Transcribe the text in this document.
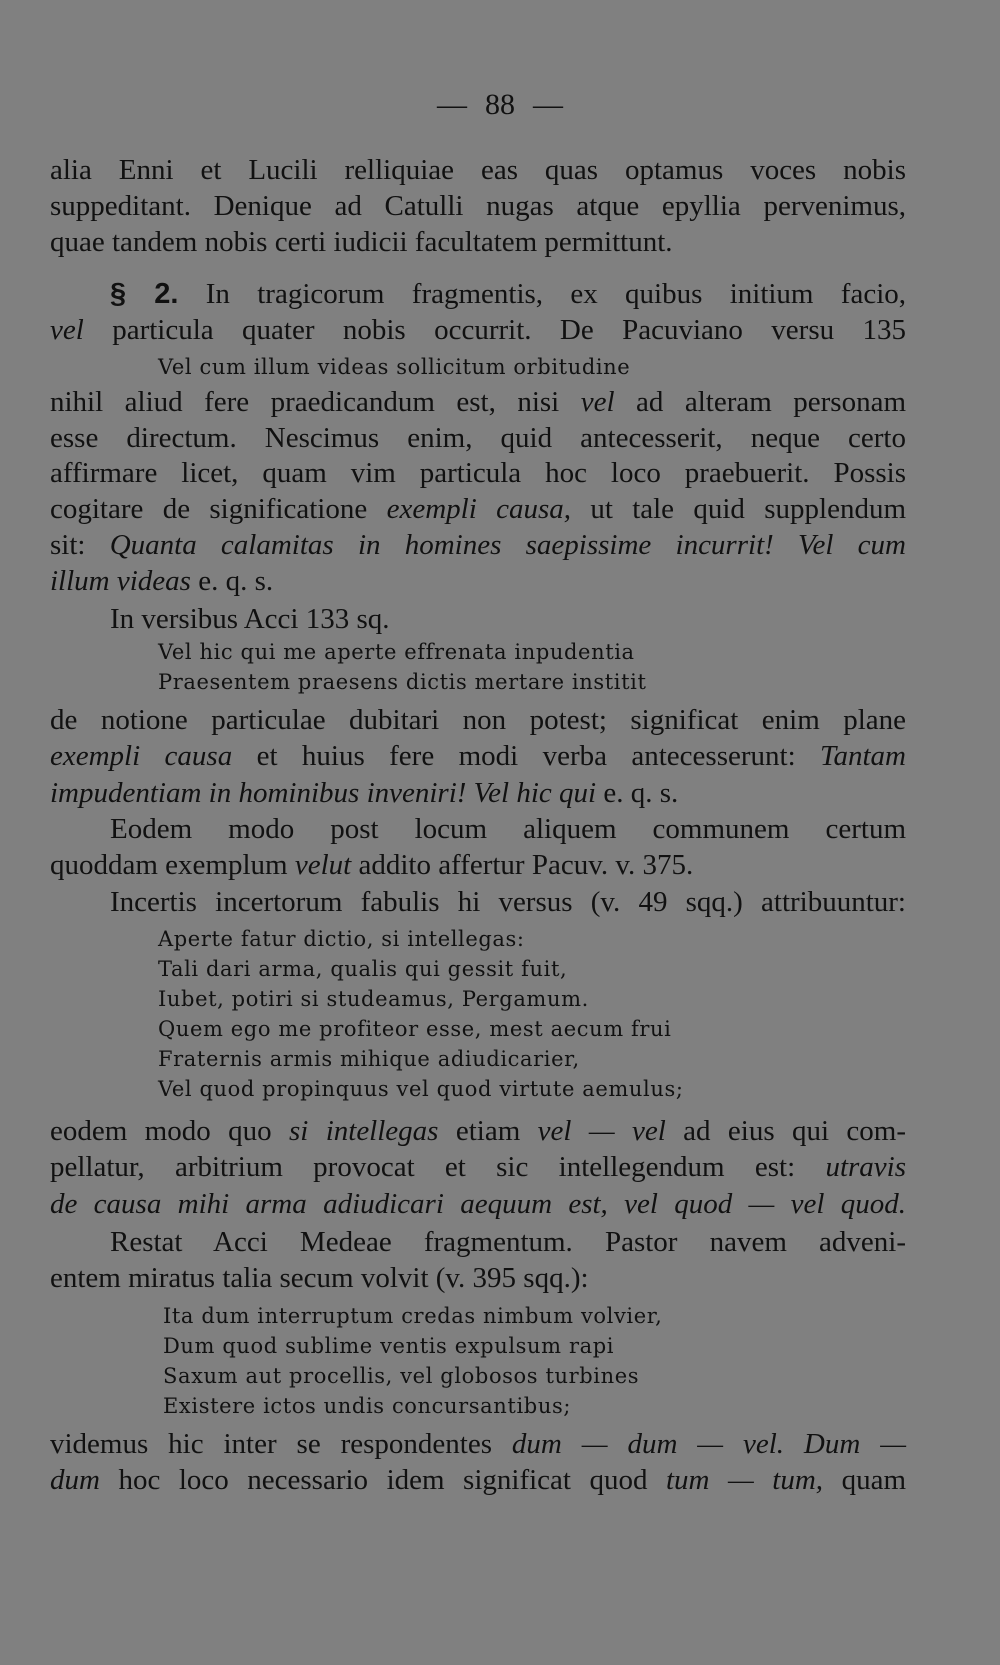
— 88 —
alia Enni et Lucili relliquiae eas quas optamus voces nobis
suppeditant. Denique ad Catulli nugas atque epyllia pervenimus,
quae tandem nobis certi iudicii facultatem permittunt.
§ 2. In tragicorum fragmentis, ex quibus initium facio,
vel particula quater nobis occurrit. De Pacuviano versu 135
Vel cum illum videas sollicitum orbitudine
nihil aliud fere praedicandum est, nisi vel ad alteram personam
esse directum. Nescimus enim, quid antecesserit, neque certo
affirmare licet, quam vim particula hoc loco praebuerit. Possis
cogitare de significatione exempli causa, ut tale quid supplendum
sit: Quanta calamitas in homines saepissime incurrit! Vel cum
illum videas e. q. s.
In versibus Acci 133 sq.
Vel hic qui me aperte effrenata inpudentia
Praesentem praesens dictis mertare institit
de notione particulae dubitari non potest; significat enim plane
exempli causa et huius fere modi verba antecesserunt: Tantam
impudentiam in hominibus inveniri! Vel hic qui e. q. s.
Eodem modo post locum aliquem communem certum
quoddam exemplum velut addito affertur Pacuv. v. 375.
Incertis incertorum fabulis hi versus (v. 49 sqq.) attribuuntur:
Aperte fatur dictio, si intellegas:
Tali dari arma, qualis qui gessit fuit,
Iubet, potiri si studeamus, Pergamum.
Quem ego me profiteor esse, mest aecum frui
Fraternis armis mihique adiudicarier,
Vel quod propinquus vel quod virtute aemulus;
eodem modo quo si intellegas etiam vel — vel ad eius qui com-
pellatur, arbitrium provocat et sic intellegendum est: utravis
de causa mihi arma adiudicari aequum est, vel quod — vel quod.
Restat Acci Medeae fragmentum. Pastor navem adveni-
entem miratus talia secum volvit (v. 395 sqq.):
Ita dum interruptum credas nimbum volvier,
Dum quod sublime ventis expulsum rapi
Saxum aut procellis, vel globosos turbines
Existere ictos undis concursantibus;
videmus hic inter se respondentes dum — dum — vel. Dum —
dum hoc loco necessario idem significat quod tum — tum, quam
